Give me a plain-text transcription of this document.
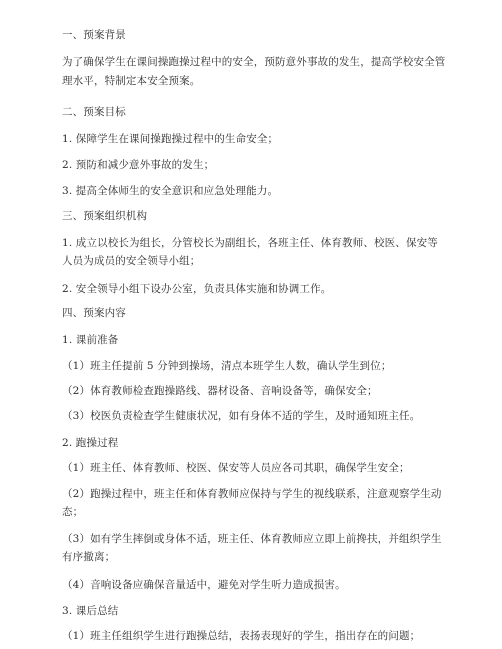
一、预案背景
为了确保学生在课间操跑操过程中的安全，预防意外事故的发生，提高学校安全管
理水平，特制定本安全预案。
二、预案目标
1. 保障学生在课间操跑操过程中的生命安全；
2. 预防和减少意外事故的发生；
3. 提高全体师生的安全意识和应急处理能力。
三、预案组织机构
1. 成立以校长为组长，分管校长为副组长，各班主任、体育教师、校医、保安等
人员为成员的安全领导小组；
2. 安全领导小组下设办公室，负责具体实施和协调工作。
四、预案内容
1. 课前准备
（1）班主任提前 5 分钟到操场，清点本班学生人数，确认学生到位；
（2）体育教师检查跑操路线、器材设备、音响设备等，确保安全；
（3）校医负责检查学生健康状况，如有身体不适的学生，及时通知班主任。
2. 跑操过程
（1）班主任、体育教师、校医、保安等人员应各司其职，确保学生安全；
（2）跑操过程中，班主任和体育教师应保持与学生的视线联系，注意观察学生动
态；
（3）如有学生摔倒或身体不适，班主任、体育教师应立即上前搀扶，并组织学生
有序撤离；
（4）音响设备应确保音量适中，避免对学生听力造成损害。
3. 课后总结
（1）班主任组织学生进行跑操总结，表扬表现好的学生，指出存在的问题；
